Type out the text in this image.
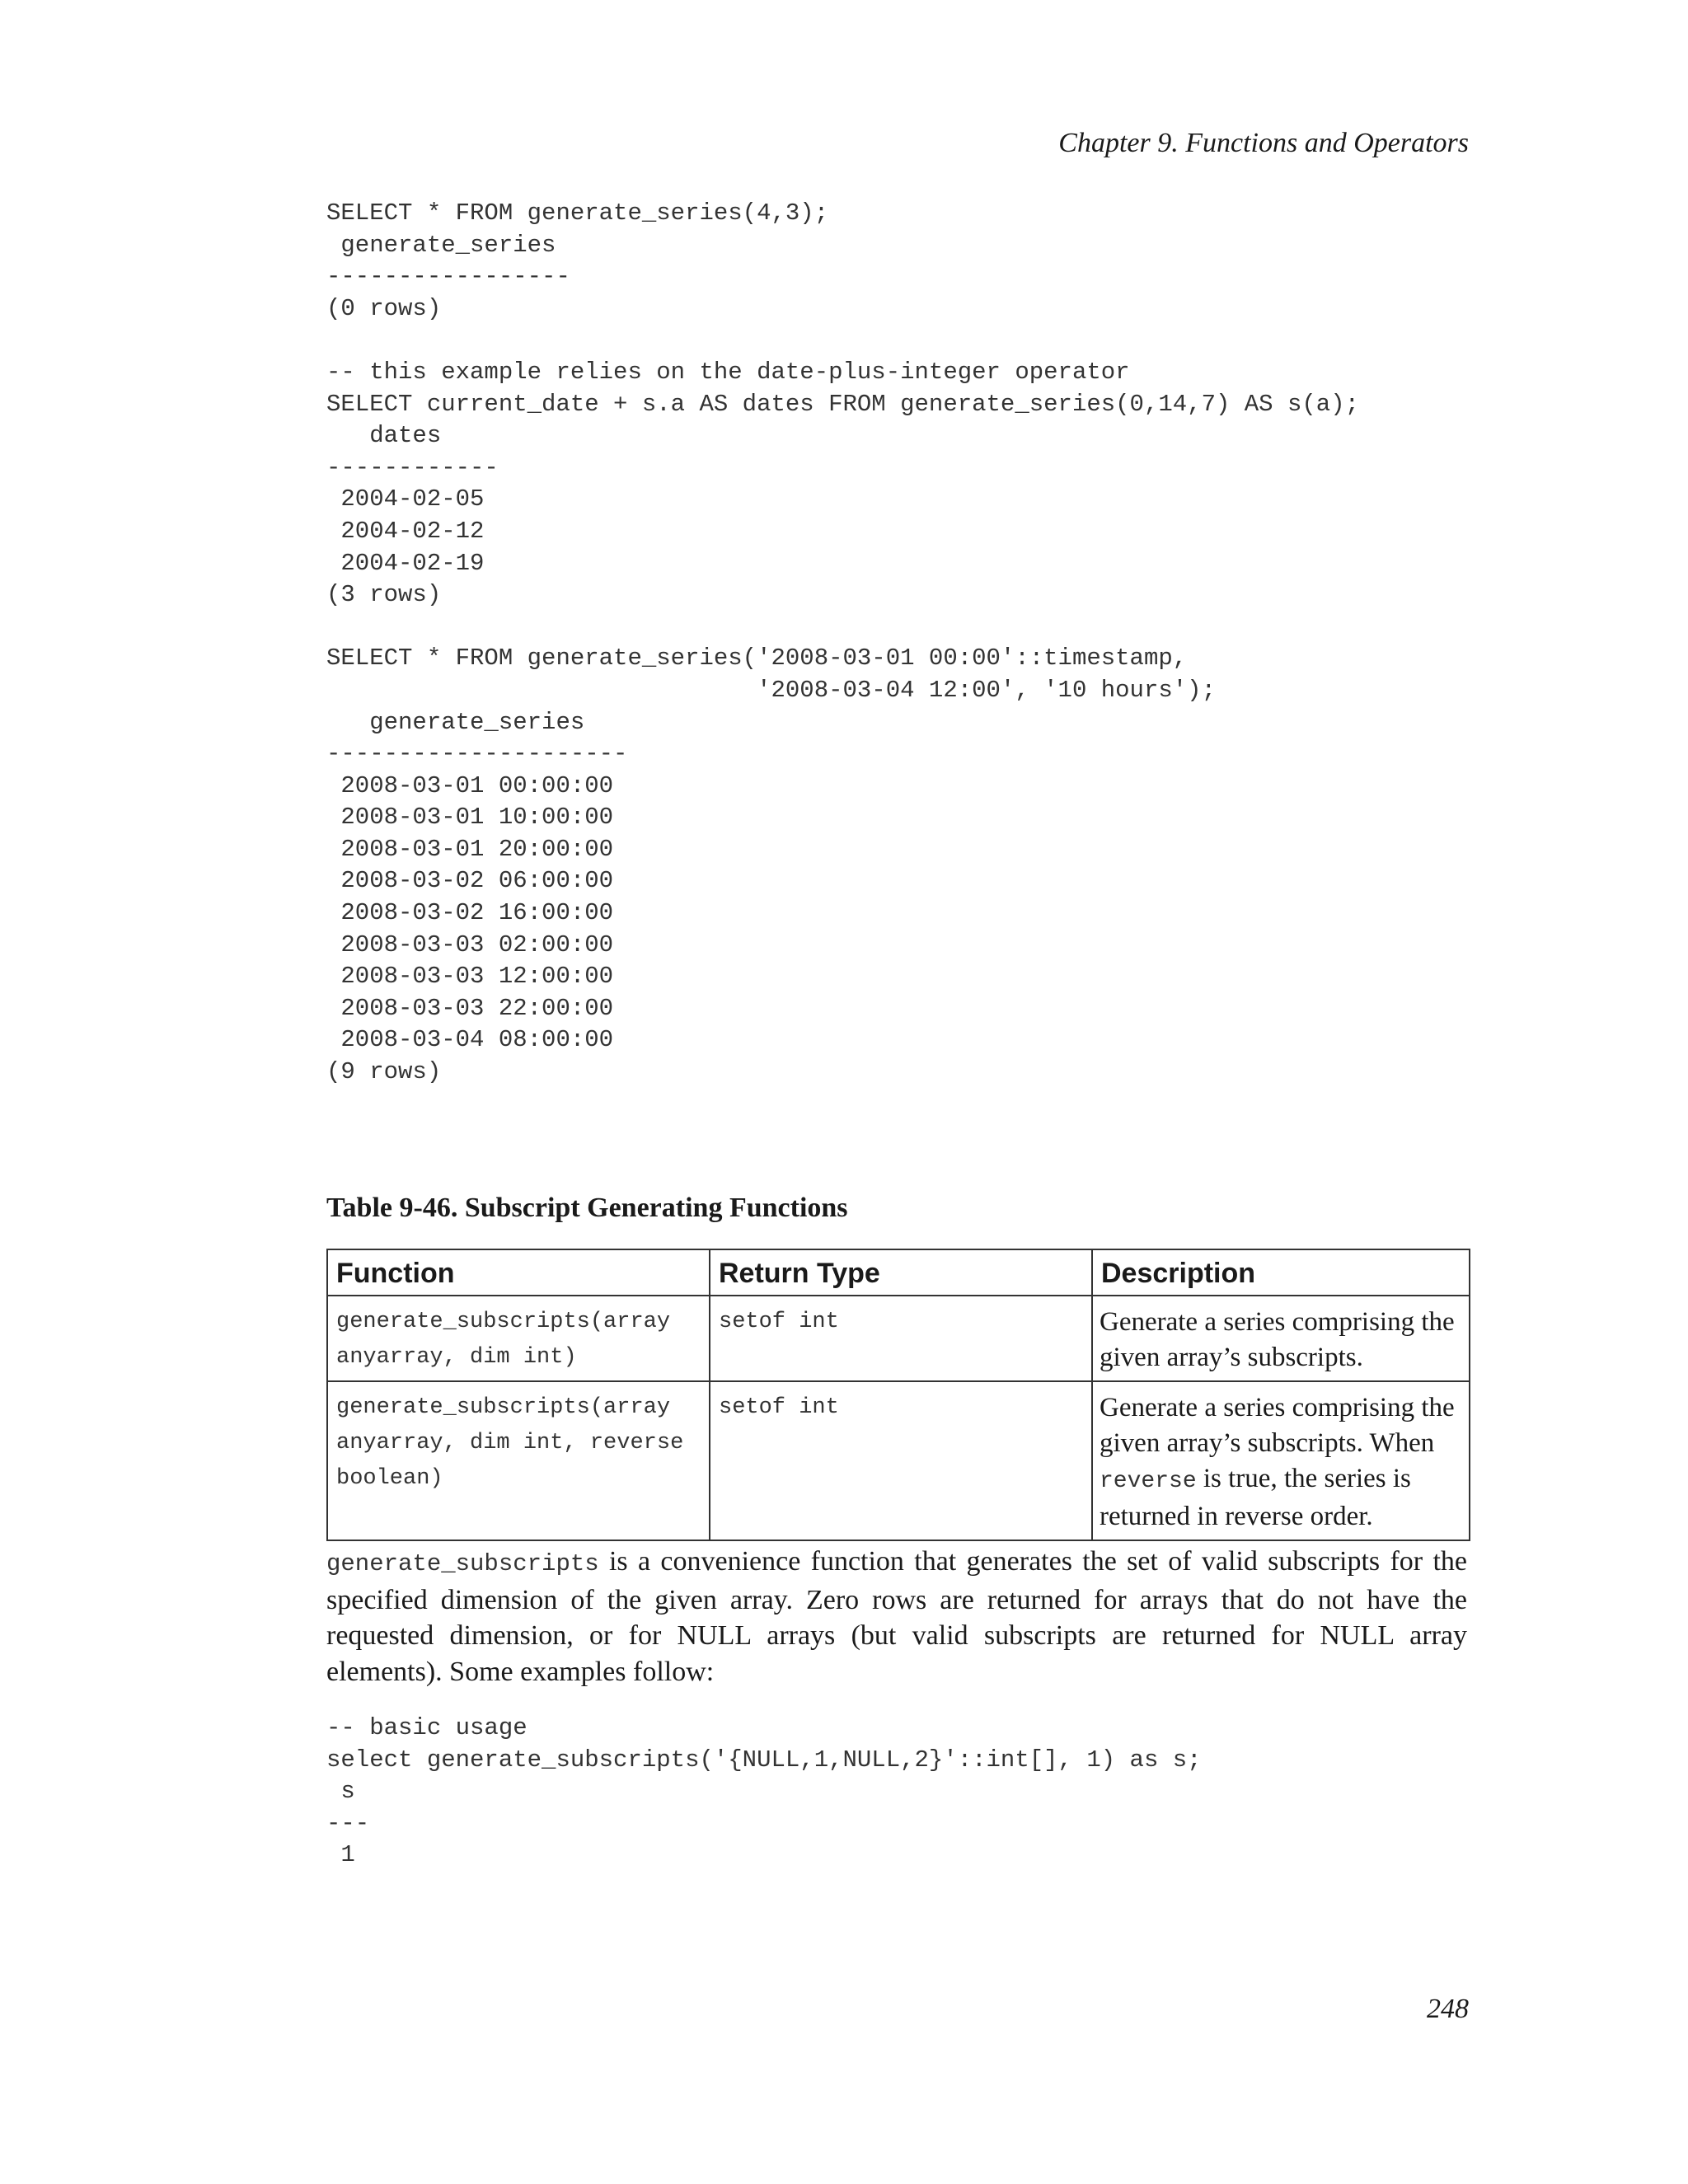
Chapter 9. Functions and Operators
SELECT * FROM generate_series(4,3);
generate_series
-----------------
(0 rows)
-- this example relies on the date-plus-integer operator
SELECT current_date + s.a AS dates FROM generate_series(0,14,7) AS s(a);
dates
------------
2004-02-05
2004-02-12
2004-02-19
(3 rows)
SELECT * FROM generate_series('2008-03-01 00:00'::timestamp,
'2008-03-04 12:00', '10 hours');
generate_series
---------------------
2008-03-01 00:00:00
2008-03-01 10:00:00
2008-03-01 20:00:00
2008-03-02 06:00:00
2008-03-02 16:00:00
2008-03-03 02:00:00
2008-03-03 12:00:00
2008-03-03 22:00:00
2008-03-04 08:00:00
(9 rows)
Table 9-46. Subscript Generating Functions
Function	Return Type	Description
generate_subscripts(array anyarray, dim int)	setof int	Generate a series comprising the given array’s subscripts.
generate_subscripts(array anyarray, dim int, reverse boolean)	setof int	Generate a series comprising the given array’s subscripts. When reverse is true, the series is returned in reverse order.

generate_subscripts is a convenience function that generates the set of valid subscripts for the specified dimension of the given array. Zero rows are returned for arrays that do not have the requested dimension, or for NULL arrays (but valid subscripts are returned for NULL array elements). Some examples follow:

-- basic usage
select generate_subscripts('{NULL,1,NULL,2}'::int[], 1) as s;
s
---
1
248
